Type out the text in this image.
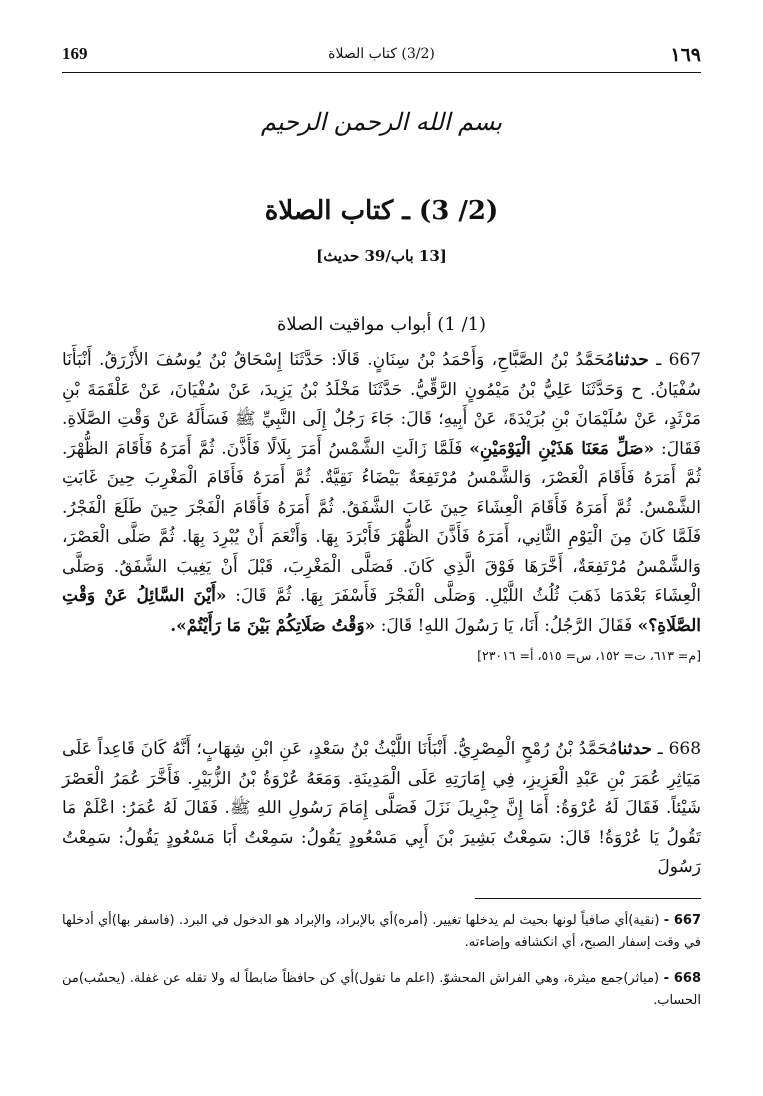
169	(3/2) كتاب الصلاة	١٦٩
بسم الله الرحمن الرحيم
(2/ 3) ـ كتاب الصلاة
[13 باب/39 حديث]
(1/ 1) أبواب مواقيت الصلاة
667 ـ حدثنامُحَمَّدُ بْنُ الصَّبَّاحِ، وَأَحْمَدُ بْنُ سِنَانٍ. قَالَا: حَدَّثَنَا إِسْحَاقُ بْنُ يُوسُفَ الأَزْرَقُ. أَنْبَأَنَا سُفْيَانُ. ح وَحَدَّثَنَا عَلِيُّ بْنُ مَيْمُونٍ الرَّقِّيُّ. حَدَّثَنَا مَخْلَدُ بْنُ يَزِيدَ، عَنْ سُفْيَانَ، عَنْ عَلْقَمَةَ بْنِ مَرْثَدٍ، عَنْ سُلَيْمَانَ بْنِ بُرَيْدَةَ، عَنْ أَبِيهِ؛ قَالَ: جَاءَ رَجُلٌ إِلَى النَّبِيِّ ﷺ فَسَأَلَهُ عَنْ وَقْتِ الصَّلَاةِ. فَقَالَ: «صَلِّ مَعَنَا هَذَيْنِ الْيَوْمَيْنِ» فَلَمَّا زَالَتِ الشَّمْسُ أَمَرَ بِلَالًا فَأَذَّنَ. ثُمَّ أَمَرَهُ فَأَقَامَ الظُّهْرَ. ثُمَّ أَمَرَهُ فَأَقَامَ الْعَصْرَ، وَالشَّمْسُ مُرْتَفِعَةٌ بَيْضَاءُ نَقِيَّةٌ. ثُمَّ أَمَرَهُ فَأَقَامَ الْمَغْرِبَ حِينَ غَابَتِ الشَّمْسُ. ثُمَّ أَمَرَهُ فَأَقَامَ الْعِشَاءَ حِينَ غَابَ الشَّفَقُ. ثُمَّ أَمَرَهُ فَأَقَامَ الْفَجْرَ حِينَ طَلَعَ الْفَجْرُ. فَلَمَّا كَانَ مِنَ الْيَوْمِ الثَّانِي، أَمَرَهُ فَأَذَّنَ الظُّهْرَ فَأَبْرَدَ بِهَا. وَأَنْعَمَ أَنْ يُبْرِدَ بِهَا. ثُمَّ صَلَّى الْعَصْرَ، وَالشَّمْسُ مُرْتَفِعَةٌ، أَخَّرَهَا فَوْقَ الَّذِي كَانَ. فَصَلَّى الْمَغْرِبَ، قَبْلَ أَنْ يَغِيبَ الشَّفَقُ. وَصَلَّى الْعِشَاءَ بَعْدَمَا ذَهَبَ ثُلُثُ اللَّيْلِ. وَصَلَّى الْفَجْرَ فَأَسْفَرَ بِهَا. ثُمَّ قَالَ: «أَيْنَ السَّائِلُ عَنْ وَقْتِ الصَّلَاةِ؟» فَقَالَ الرَّجُلُ: أَنَا، يَا رَسُولَ اللهِ! قَالَ: «وَقْتُ صَلَاتِكُمْ بَيْنَ مَا رَأَيْتُمْ».
[م= ٦١٣، ت= ١٥٢، س= ٥١٥، أ= ٢٣٠١٦]
668 ـ حدثنامُحَمَّدُ بْنُ رُمْحٍ الْمِصْرِيُّ. أَنْبَأَنَا اللَّيْثُ بْنُ سَعْدٍ، عَنِ ابْنِ شِهَابٍ؛ أَنَّهُ كَانَ قَاعِداً عَلَى مَيَاثِرِ عُمَرَ بْنِ عَبْدِ الْعَزِيزِ، فِي إِمَارَتِهِ عَلَى الْمَدِينَةِ. وَمَعَهُ عُرْوَةُ بْنُ الزُّبَيْرِ. فَأَخَّرَ عُمَرُ الْعَصْرَ شَيْئاً. فَقَالَ لَهُ عُرْوَةُ: أَمَا إِنَّ جِبْرِيلَ نَزَلَ فَصَلَّى إِمَامَ رَسُولِ اللهِ ﷺ. فَقَالَ لَهُ عُمَرُ: اعْلَمْ مَا تَقُولُ يَا عُرْوَةُ! قَالَ: سَمِعْتُ بَشِيرَ بْنَ أَبِي مَسْعُودٍ يَقُولُ: سَمِعْتُ أَبَا مَسْعُودٍ يَقُولُ: سَمِعْتُ رَسُولَ
667 - (نقية)أي صافياً لونها بحيث لم يدخلها تغيير. (أمره)أي بالإبراد، والإبراد هو الدخول في البرد. (فاسفر بها)أي أدخلها في وقت إسفار الصبح، أي انكشافه وإضاءته.
668 - (مياثر)جمع ميثرة، وهي الفراش المحشوّ. (اعلم ما تقول)أي كن حافظاً ضابطاً له ولا تقله عن غفلة. (يحسُب)من الحساب.
